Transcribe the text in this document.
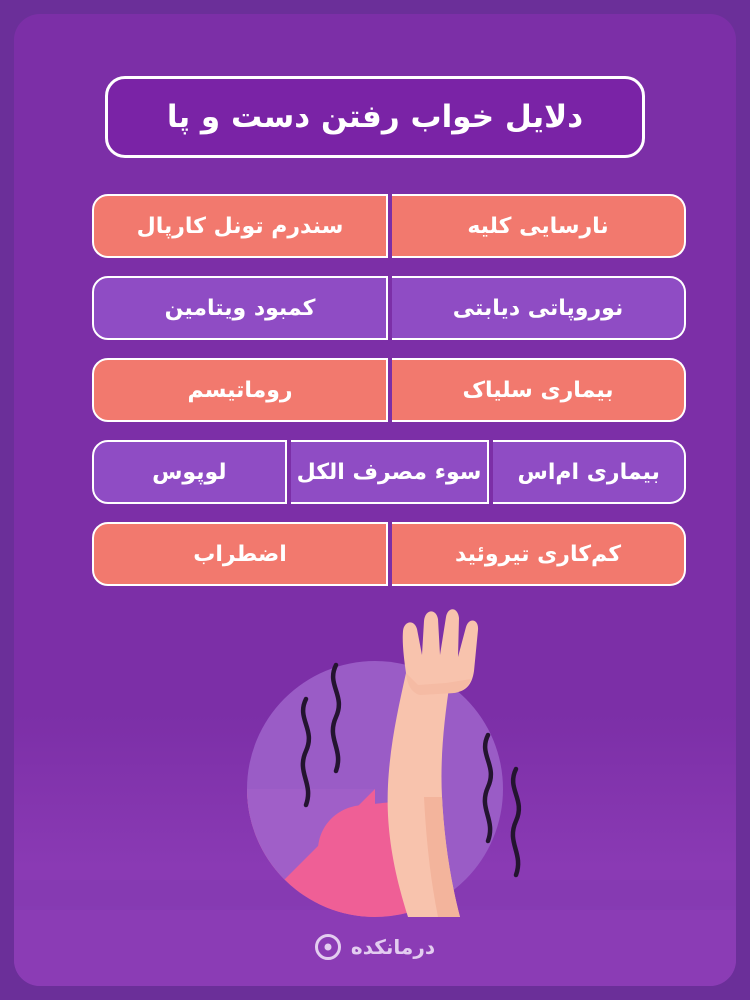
دلایل خواب رفتن دست و پا
نارسایی کلیه
سندرم تونل کارپال
نوروپاتی دیابتی
کمبود ویتامین
بیماری سلیاک
روماتیسم
بیماری ام‌اس
سوء مصرف الکل
لوپوس
کم‌کاری تیروئید
اضطراب
درمانکده
